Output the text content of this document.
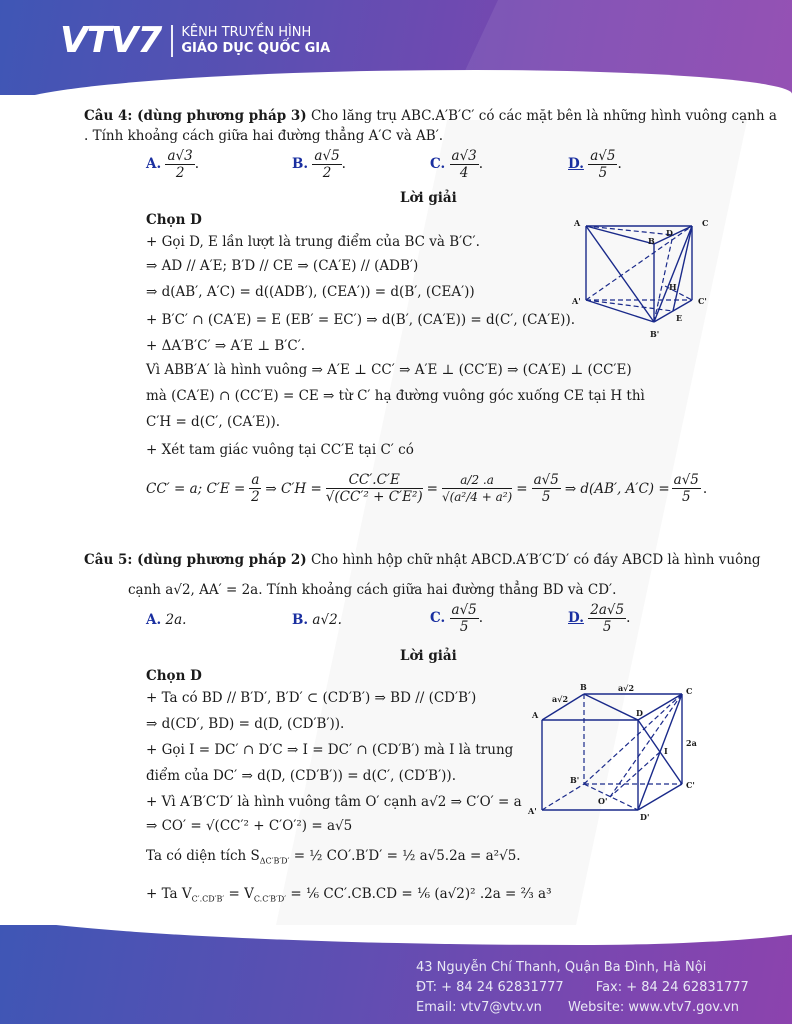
VTV7 KÊNH TRUYỀN HÌNH
GIÁO DỤC QUỐC GIA
Câu 4: (dùng phương pháp 3) Cho lăng trụ ABC.A′B′C′ có các mặt bên là những hình vuông cạnh a
. Tính khoảng cách giữa hai đường thẳng A′C và AB′.
A. $\frac{a√3}{2}$ .	B. $\frac{a√5}{2}$ .	C. $\frac{a√3}{4}$ .	D. $\frac{a√5}{5}$ .
Lời giải
Chọn D
+ Gọi D, E lần lượt là trung điểm của BC và B′C′.
⇒ AD // A′E; B′D // CE ⇒ (CA′E) // (ADB′)
⇒ d(AB′, A′C) = d((ADB′), (CEA′)) = d(B′, (CEA′))
+ B′C′ ∩ (CA′E) = E (EB′ = EC′) ⇒ d(B′, (CA′E)) = d(C′, (CA′E)).
+ ΔA′B′C′ ⇒ A′E ⊥ B′C′.
Vì ABB′A′ là hình vuông ⇒ A′E ⊥ CC′ ⇒ A′E ⊥ (CC′E) ⇒ (CA′E) ⊥ (CC′E)
mà (CA′E) ∩ (CC′E) = CE ⇒ từ C′ hạ đường vuông góc xuống CE tại H thì
C′H = d(C′, (CA′E)).
+ Xét tam giác vuông tại CC′E tại C′ có
CC′ = a; $C'E = \frac{a}{2}$ ⇒ $C'H = \frac{CC'.C'E}{\text{√(CC′² + C′E²)}} = \frac{a/2 .a}{\text{√(a²/4 + a²)}} = \frac{a√5}{5}$ ⇒ d(AB′, $A'C) = \frac{a√5}{5}$ .
Câu 5: (dùng phương pháp 2) Cho hình hộp chữ nhật ABCD.A′B′C′D′ có đáy ABCD là hình vuông
cạnh a√2, AA′ = 2a. Tính khoảng cách giữa hai đường thẳng BD và CD′.
A. 2a.	B. a√2.	C. $\frac{a√5}{5}$ .	D. $\frac{2a√5}{5}$ .
Lời giải
Chọn D
+ Ta có BD // B′D′, B′D′ ⊂ (CD′B′) ⇒ BD // (CD′B′)
⇒ d(CD′, BD) = d(D, (CD′B′)).
+ Gọi I = DC′ ∩ D′C ⇒ I = DC′ ∩ (CD′B′) mà I là trung
điểm của DC′ ⇒ d(D, (CD′B′)) = d(C′, (CD′B′)).
+ Vì A′B′C′D′ là hình vuông tâm O′ cạnh a√2 ⇒ C′O′ = a
⇒ CO′ = √(CC′² + C′O′²) = a√5
Ta có diện tích $S_{\Delta C'B'D'}$ = ½ CO′.B′D′ = ½ a√5.2a = a²√5.
+ Ta $V_{C'.CD'B'} = V_{C.C'B'D'}$ = ⅙ CC′.CB.CD = ⅙ (a√2)² .2a = ⅔ a³
A
B
C
D
H
A'
B'
C'
E
A
B	C
D
I
A'
B'	C'
D'
O'
a√2
a√2
2a
43 Nguyễn Chí Thanh, Quận Ba Đình, Hà Nội
ĐT: + 84 24 62831777 Fax: + 84 24 62831777
Email: vtv7@vtv.vn Website: www.vtv7.gov.vn
